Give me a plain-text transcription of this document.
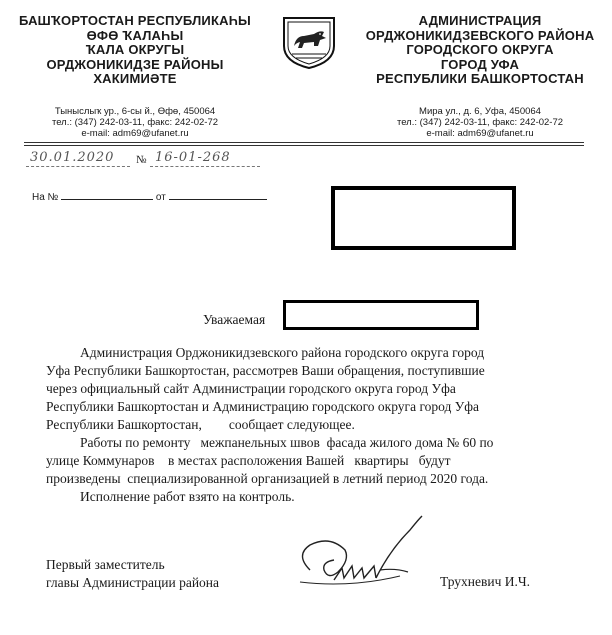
БАШҠОРТОСТАН РЕСПУБЛИКАҺЫ
ӨФӨ ҠАЛАҺЫ
ҠАЛА ОКРУГЫ
ОРДЖОНИКИДЗЕ РАЙОНЫ
ХАКИМИӘТЕ
АДМИНИСТРАЦИЯ
ОРДЖОНИКИДЗЕВСКОГО РАЙОНА
ГОРОДСКОГО ОКРУГА
ГОРОД УФА
РЕСПУБЛИКИ БАШКОРТОСТАН
Тыныслыҡ ур., 6-сы й., Өфө, 450064
тел.: (347) 242-03-11, факс: 242-02-72
e-mail: adm69@ufanet.ru
Мира ул., д. 6, Уфа, 450064
тел.: (347) 242-03-11, факс: 242-02-72
e-mail: adm69@ufanet.ru
30.01.2020 № 16-01-268
На №	от
Уважаемая
Администрация Орджоникидзевского района городского округа город
Уфа Республики Башкортостан, рассмотрев Ваши обращения, поступившие
через официальный сайт Администрации городского округа город Уфа
Республики Башкортостан и Администрацию городского округа город Уфа
Республики Башкортостан,        сообщает следующее.
Работы по ремонту   межпанельных швов  фасада жилого дома № 60 по
улице Коммунаров    в местах расположения Вашей   квартиры   будут
произведены  специализированной организацией в летний период 2020 года.
Исполнение работ взято на контроль.
Первый заместитель
главы Администрации района	Трухневич И.Ч.
